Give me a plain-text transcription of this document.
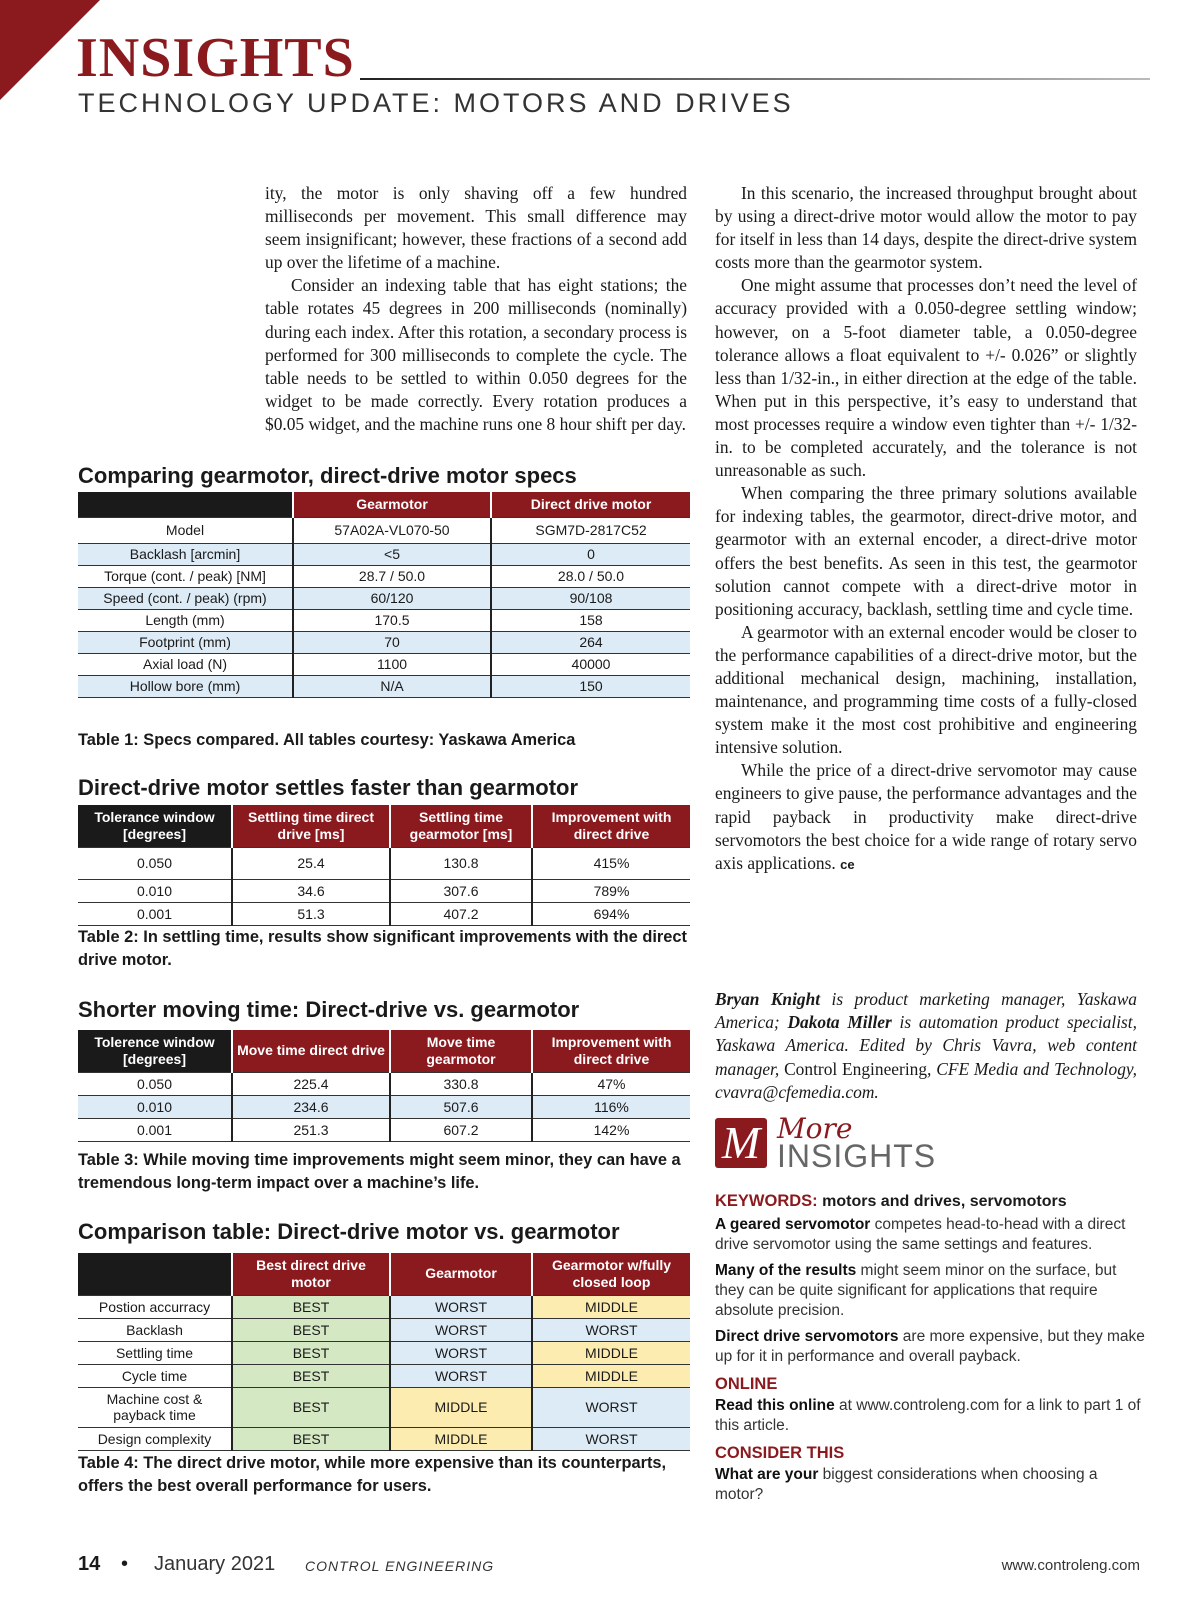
INSIGHTS
TECHNOLOGY UPDATE: MOTORS AND DRIVES

ity, the motor is only shaving off a few hundred milliseconds per movement. This small difference may seem insignificant; however, these fractions of a second add up over the lifetime of a machine.

Consider an indexing table that has eight stations; the table rotates 45 degrees in 200 milliseconds (nominally) during each index. After this rotation, a secondary process is performed for 300 milliseconds to complete the cycle. The table needs to be settled to within 0.050 degrees for the widget to be made correctly. Every rotation produces a $0.05 widget, and the machine runs one 8 hour shift per day.

In this scenario, the increased throughput brought about by using a direct-drive motor would allow the motor to pay for itself in less than 14 days, despite the direct-drive system costs more than the gearmotor system.

One might assume that processes don’t need the level of accuracy provided with a 0.050-degree settling window; however, on a 5-foot diameter table, a 0.050-degree tolerance allows a float equivalent to +/- 0.026” or slightly less than 1/32-in., in either direction at the edge of the table. When put in this perspective, it’s easy to understand that most processes require a window even tighter than +/- 1/32-in. to be completed accurately, and the tolerance is not unreasonable as such.

When comparing the three primary solutions available for indexing tables, the gearmotor, direct-drive motor, and gearmotor with an external encoder, a direct-drive motor offers the best benefits. As seen in this test, the gearmotor solution cannot compete with a direct-drive motor in positioning accuracy, backlash, settling time and cycle time.

A gearmotor with an external encoder would be closer to the performance capabilities of a direct-drive motor, but the additional mechanical design, machining, installation, maintenance, and programming time costs of a fully-closed system make it the most cost prohibitive and engineering intensive solution.

While the price of a direct-drive servomotor may cause engineers to give pause, the performance advantages and the rapid payback in productivity make direct-drive servomotors the best choice for a wide range of rotary servo axis applications. ce

Bryan Knight is product marketing manager, Yaskawa America; Dakota Miller is automation product specialist, Yaskawa America. Edited by Chris Vavra, web content manager, Control Engineering, CFE Media and Technology, cvavra@cfemedia.com.
Comparing gearmotor, direct-drive motor specs
	Gearmotor	Direct drive motor
Model	57A02A-VL070-50	SGM7D-2817C52
Backlash [arcmin]	<5	0
Torque (cont. / peak) [NM]	28.7 / 50.0	28.0 / 50.0
Speed (cont. / peak) (rpm)	60/120	90/108
Length (mm)	170.5	158
Footprint (mm)	70	264
Axial load (N)	1100	40000
Hollow bore (mm)	N/A	150
Table 1: Specs compared. All tables courtesy: Yaskawa America
Direct-drive motor settles faster than gearmotor
Tolerance window [degrees]	Settling time direct drive [ms]	Settling time gearmotor [ms]	Improvement with direct drive
0.050	25.4	130.8	415%
0.010	34.6	307.6	789%
0.001	51.3	407.2	694%
Table 2: In settling time, results show significant improvements with the direct drive motor.
Shorter moving time: Direct-drive vs. gearmotor
Tolerence window [degrees]	Move time direct drive	Move time gearmotor	Improvement with direct drive
0.050	225.4	330.8	47%
0.010	234.6	507.6	116%
0.001	251.3	607.2	142%
Table 3: While moving time improvements might seem minor, they can have a tremendous long-term impact over a machine’s life.
Comparison table: Direct-drive motor vs. gearmotor
	Best direct drive motor	Gearmotor	Gearmotor w/fully closed loop
Postion accurracy	BEST	WORST	MIDDLE
Backlash	BEST	WORST	WORST
Settling time	BEST	WORST	MIDDLE
Cycle time	BEST	WORST	MIDDLE
Machine cost & payback time	BEST	MIDDLE	WORST
Design complexity	BEST	MIDDLE	WORST
Table 4: The direct drive motor, while more expensive than its counterparts, offers the best overall performance for users.
M More
INSIGHTS
KEYWORDS: motors and drives, servomotors

A geared servomotor competes head-to-head with a direct drive servomotor using the same settings and features.

Many of the results might seem minor on the surface, but they can be quite significant for applications that require absolute precision.

Direct drive servomotors are more expensive, but they make up for it in performance and overall payback.

ONLINE

Read this online at www.controleng.com for a link to part 1 of this article.

CONSIDER THIS

What are your biggest considerations when choosing a motor?

14 • January 2021 CONTROL ENGINEERING	www.controleng.com
